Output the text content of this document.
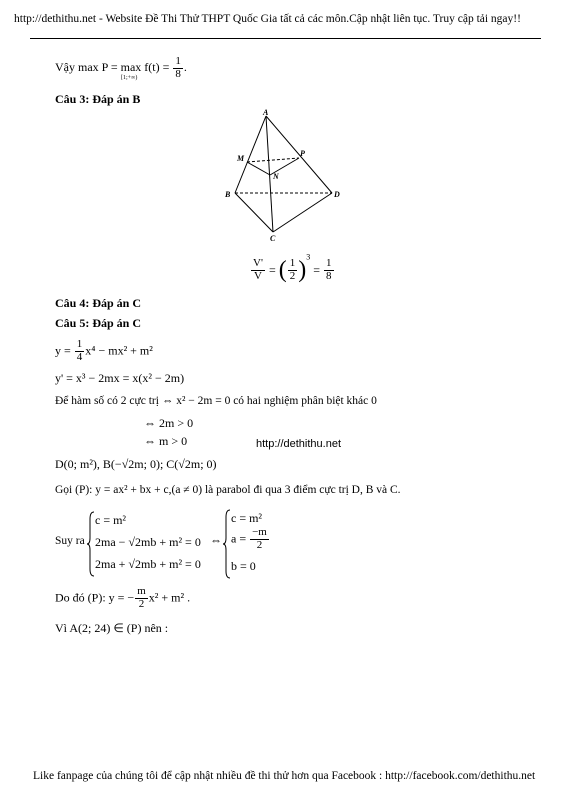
http://dethithu.net - Website Đề Thi Thử THPT Quốc Gia tất cả các môn.Cập nhật liên tục. Truy cập tải ngay!!
Vậy max P = max f(t) =
[1;+∞)	$\frac{1}{8}$ .
Câu 3: Đáp án B
A
M
P
N
B	D
C
$\frac{V'}{V}$ = ( $\frac{1}{2} )^3 = \frac{1}{8}$
Câu 4: Đáp án C
Câu 5: Đáp án C
$y = \frac{1}{4} x^4 - mx^2 + m^2$
y' = x³ − 2mx = x(x² − 2m)
Để hàm số có 2 cực trị ⇔ x² − 2m = 0 có hai nghiệm phân biệt khác 0
⇔ 2m > 0
⇔ m > 0	http://dethithu.net
D(0; m²), B(−√2m; 0); C(√2m; 0)
Gọi (P): y = ax² + bx + c,(a ≠ 0) là parabol đi qua 3 điểm cực trị D, B và C.
Suy ra
c = m²
2ma − √2mb + m² = 0
2ma + √2mb + m² = 0
⇔
c = m²
$a = \frac{-m}{2}$
b = 0
Do đó (P): y = − $\frac{m}{2} x^2 + m^2$ .
Vì A(2; 24) ∈ (P) nên :
Like fanpage của chúng tôi để cập nhật nhiều đề thi thử hơn qua Facebook : http://facebook.com/dethithu.net
